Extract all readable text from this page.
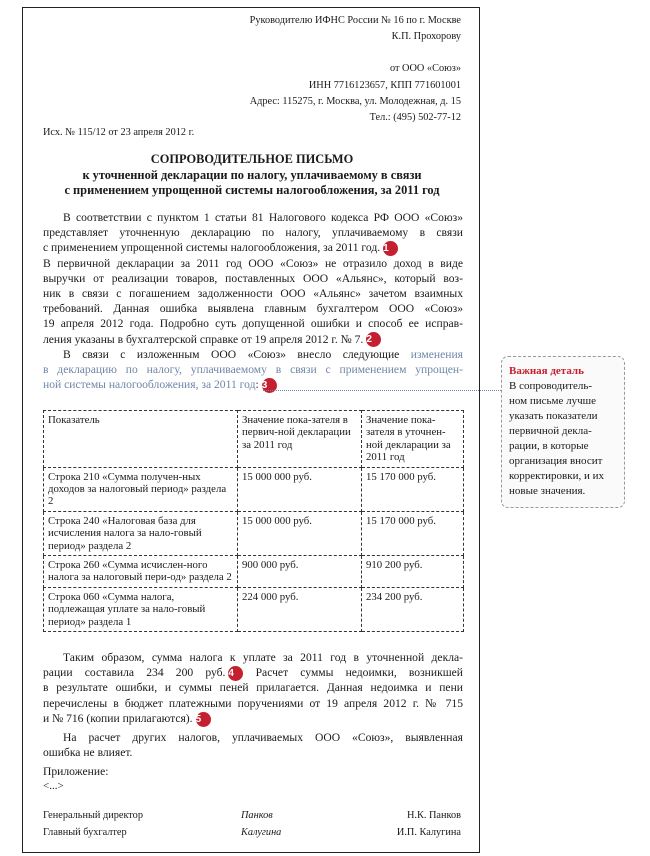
Руководителю ИФНС России № 16 по г. Москве
К.П. Прохорову
от ООО «Союз»
ИНН 7716123657, КПП 771601001
Адрес: 115275, г. Москва, ул. Молодежная, д. 15
Тел.: (495) 502-77-12
Исх. № 115/12 от 23 апреля 2012 г.
СОПРОВОДИТЕЛЬНОЕ ПИСЬМО
к уточненной декларации по налогу, уплачиваемому в связи
с применением упрощенной системы налогообложения, за 2011 год
В соответствии с пунктом 1 статьи 81 Налогового кодекса РФ ООО «Союз»
представляет уточненную декларацию по налогу, уплачиваемому в связи
с применением упрощенной системы налогообложения, за 2011 год. 1
В первичной декларации за 2011 год ООО «Союз» не отразило доход в виде
выручки от реализации товаров, поставленных ООО «Альянс», который воз-
ник в связи с погашением задолженности ООО «Альянс» зачетом взаимных
требований. Данная ошибка выявлена главным бухгалтером ООО «Союз»
19 апреля 2012 года. Подробно суть допущенной ошибки и способ ее исправ-
ления указаны в бухгалтерской справке от 19 апреля 2012 г. № 7. 2
В связи с изложенным ООО «Союз» внесло следующие изменения
в декларацию по налогу, уплачиваемому в связи с применением упрощен-
ной системы налогообложения, за 2011 год: 3
Показатель	Значение пока-зателя в первич-ной декларации за 2011 год	Значение пока-зателя в уточнен-ной декларации за 2011 год
Строка 210 «Сумма получен-ных доходов за налоговый период» раздела 2	15 000 000 руб.	15 170 000 руб.
Строка 240 «Налоговая база для исчисления налога за нало-говый период» раздела 2	15 000 000 руб.	15 170 000 руб.
Строка 260 «Сумма исчислен-ного налога за налоговый пери-од» раздела 2	900 000 руб.	910 200 руб.
Строка 060 «Сумма налога, подлежащая уплате за нало-говый период» раздела 1	224 000 руб.	234 200 руб.
Таким образом, сумма налога к уплате за 2011 год в уточненной декла-
рации составила 234 200 руб. 4 Расчет суммы недоимки, возникшей
в результате ошибки, и суммы пеней прилагается. Данная недоимка и пени
перечислены в бюджет платежными поручениями от 19 апреля 2012 г. № 715
и № 716 (копии прилагаются). 5
На расчет других налогов, уплачиваемых ООО «Союз», выявленная
ошибка не влияет.
Приложение:
<...>
Генеральный директор	Панков	Н.К. Панков
Главный бухгалтер	Калугина	И.П. Калугина
Важная деталь
В сопроводитель-
ном письме лучше
указать показатели
первичной декла-
рации, в которые
организация вносит
корректировки, и их
новые значения.
